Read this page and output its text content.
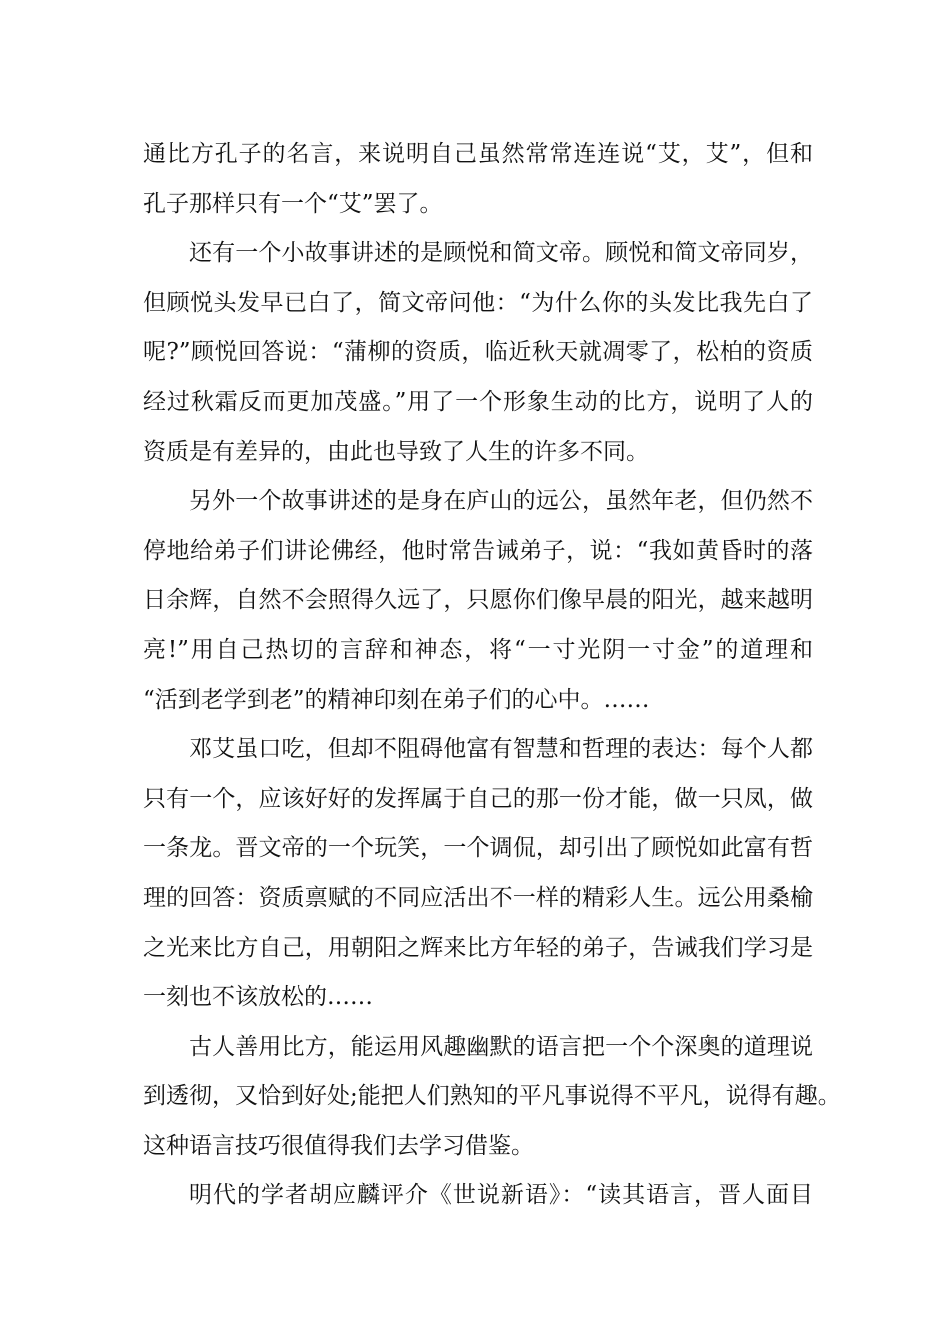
通比方孔子的名言，来说明自己虽然常常连连说“艾，艾”，但和
孔子那样只有一个“艾”罢了。
还有一个小故事讲述的是顾悦和简文帝。顾悦和简文帝同岁，
但顾悦头发早已白了，简文帝问他：“为什么你的头发比我先白了
呢?”顾悦回答说：“蒲柳的资质，临近秋天就凋零了，松柏的资质
经过秋霜反而更加茂盛。”用了一个形象生动的比方，说明了人的
资质是有差异的，由此也导致了人生的许多不同。
另外一个故事讲述的是身在庐山的远公，虽然年老，但仍然不
停地给弟子们讲论佛经，他时常告诫弟子，说：“我如黄昏时的落
日余辉，自然不会照得久远了，只愿你们像早晨的阳光，越来越明
亮!”用自己热切的言辞和神态，将“一寸光阴一寸金”的道理和
“活到老学到老”的精神印刻在弟子们的心中。……
邓艾虽口吃，但却不阻碍他富有智慧和哲理的表达：每个人都
只有一个，应该好好的发挥属于自己的那一份才能，做一只凤，做
一条龙。晋文帝的一个玩笑，一个调侃，却引出了顾悦如此富有哲
理的回答：资质禀赋的不同应活出不一样的精彩人生。远公用桑榆
之光来比方自己，用朝阳之辉来比方年轻的弟子，告诫我们学习是
一刻也不该放松的……
古人善用比方，能运用风趣幽默的语言把一个个深奥的道理说
到透彻，又恰到好处;能把人们熟知的平凡事说得不平凡，说得有趣。
这种语言技巧很值得我们去学习借鉴。
明代的学者胡应麟评介《世说新语》：“读其语言，晋人面目
